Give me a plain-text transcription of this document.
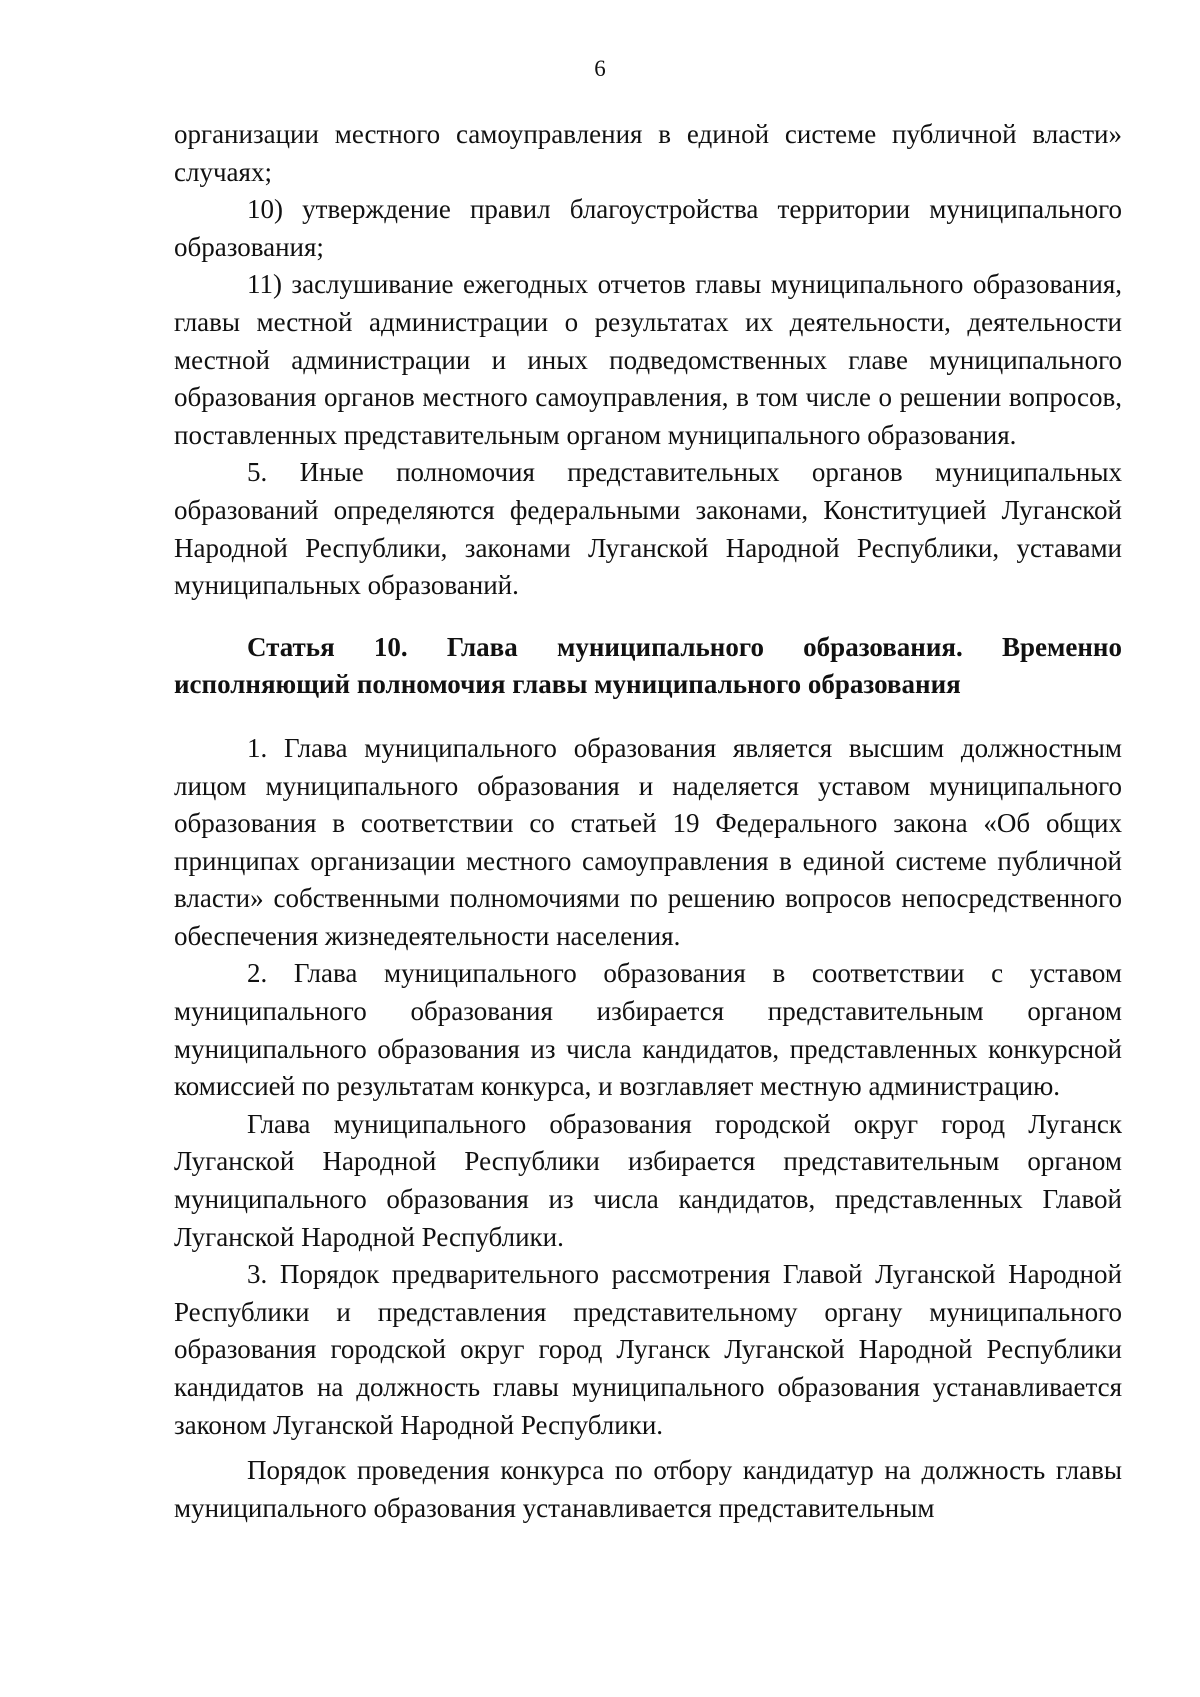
6

организации местного самоуправления в единой системе публичной власти» случаях;

10) утверждение правил благоустройства территории муниципального образования;

11) заслушивание ежегодных отчетов главы муниципального образования, главы местной администрации о результатах их деятельности, деятельности местной администрации и иных подведомственных главе муниципального образования органов местного самоуправления, в том числе о решении вопросов, поставленных представительным органом муниципального образования.

5. Иные полномочия представительных органов муниципальных образований определяются федеральными законами, Конституцией Луганской Народной Республики, законами Луганской Народной Республики, уставами муниципальных образований.

Статья 10. Глава муниципального образования. Временно исполняющий полномочия главы муниципального образования

1. Глава муниципального образования является высшим должностным лицом муниципального образования и наделяется уставом муниципального образования в соответствии со статьей 19 Федерального закона «Об общих принципах организации местного самоуправления в единой системе публичной власти» собственными полномочиями по решению вопросов непосредственного обеспечения жизнедеятельности населения.

2. Глава муниципального образования в соответствии с уставом муниципального образования избирается представительным органом муниципального образования из числа кандидатов, представленных конкурсной комиссией по результатам конкурса, и возглавляет местную администрацию.

Глава муниципального образования городской округ город Луганск Луганской Народной Республики избирается представительным органом муниципального образования из числа кандидатов, представленных Главой Луганской Народной Республики.

3. Порядок предварительного рассмотрения Главой Луганской Народной Республики и представления представительному органу муниципального образования городской округ город Луганск Луганской Народной Республики кандидатов на должность главы муниципального образования устанавливается законом Луганской Народной Республики.

Порядок проведения конкурса по отбору кандидатур на должность главы муниципального образования устанавливается представительным
